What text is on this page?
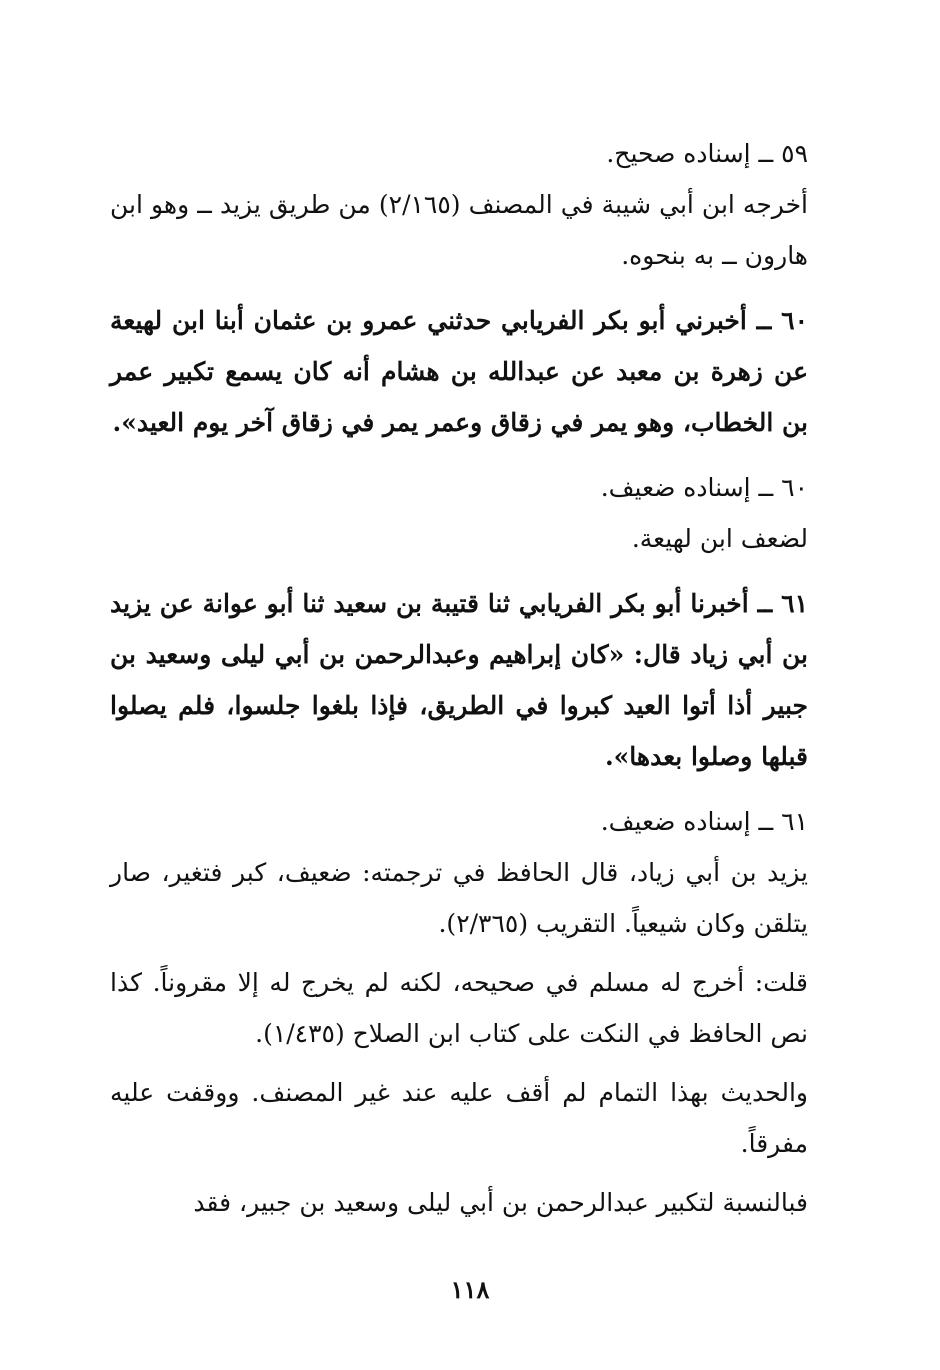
٥٩ ــ إسناده صحيح.

أخرجه ابن أبي شيبة في المصنف (٢/١٦٥) من طريق يزيد ــ وهو ابن هارون ــ به بنحوه.

٦٠ ــ أخبرني أبو بكر الفريابي حدثني عمرو بن عثمان أبنا ابن لهيعة عن زهرة بن معبد عن عبدالله بن هشام أنه كان يسمع تكبير عمر بن الخطاب، وهو يمر في زقاق وعمر يمر في زقاق آخر يوم العيد».

٦٠ ــ إسناده ضعيف.

لضعف ابن لهيعة.

٦١ ــ أخبرنا أبو بكر الفريابي ثنا قتيبة بن سعيد ثنا أبو عوانة عن يزيد بن أبي زياد قال: «كان إبراهيم وعبدالرحمن بن أبي ليلى وسعيد بن جبير أذا أتوا العيد كبروا في الطريق، فإذا بلغوا جلسوا، فلم يصلوا قبلها وصلوا بعدها».

٦١ ــ إسناده ضعيف.

يزيد بن أبي زياد، قال الحافظ في ترجمته: ضعيف، كبر فتغير، صار يتلقن وكان شيعياً. التقريب (٢/٣٦٥).

قلت: أخرج له مسلم في صحيحه، لكنه لم يخرج له إلا مقروناً. كذا نص الحافظ في النكت على كتاب ابن الصلاح (١/٤٣٥).

والحديث بهذا التمام لم أقف عليه عند غير المصنف. ووقفت عليه مفرقاً.

فبالنسبة لتكبير عبدالرحمن بن أبي ليلى وسعيد بن جبير، فقد

١١٨
